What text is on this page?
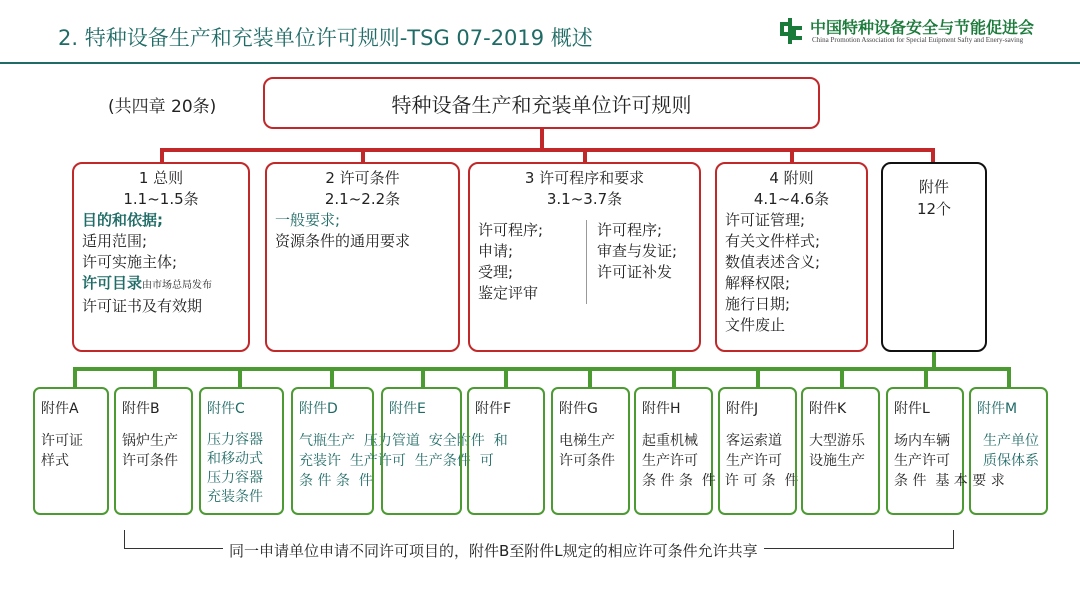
2. 特种设备生产和充装单位许可规则-TSG 07-2019 概述	中国特种设备安全与节能促进会
China Promotion Association for Special Euipment Safty and Enery-saving
(共四章 20条)	特种设备生产和充装单位许可规则
1 总则
1.1~1.5条
目的和依据;
适用范围;
许可实施主体;
许可目录由市场总局发布
许可证书及有效期
2 许可条件
2.1~2.2条
一般要求;
资源条件的通用要求
3 许可程序和要求
3.1~3.7条
许可程序;
申请;
受理;
鉴定评审
许可程序;
审查与发证;
许可证补发
4 附则
4.1~4.6条
许可证管理;
有关文件样式;
数值表述含义;
解释权限;
施行日期;
文件废止
附件
12个
附件A
许可证
样式
附件B
锅炉生产
许可条件
附件C
压力容器
和移动式
压力容器
充装条件
附件D
气瓶生产  压力管道  安全附件  和
充装许  生产许可  生产条件  可
条 件 条  件
附件E	附件F	附件G
电梯生产
许可条件
附件H
起重机械
生产许可
条 件 条  件  许 可 条  件
附件J
客运索道
生产许可
附件K
大型游乐
设施生产
附件L
场内车辆
生产许可
条 件  基 本 要 求
附件M
生产单位
质保体系
同一申请单位申请不同许可项目的，附件B至附件L规定的相应许可条件允许共享
